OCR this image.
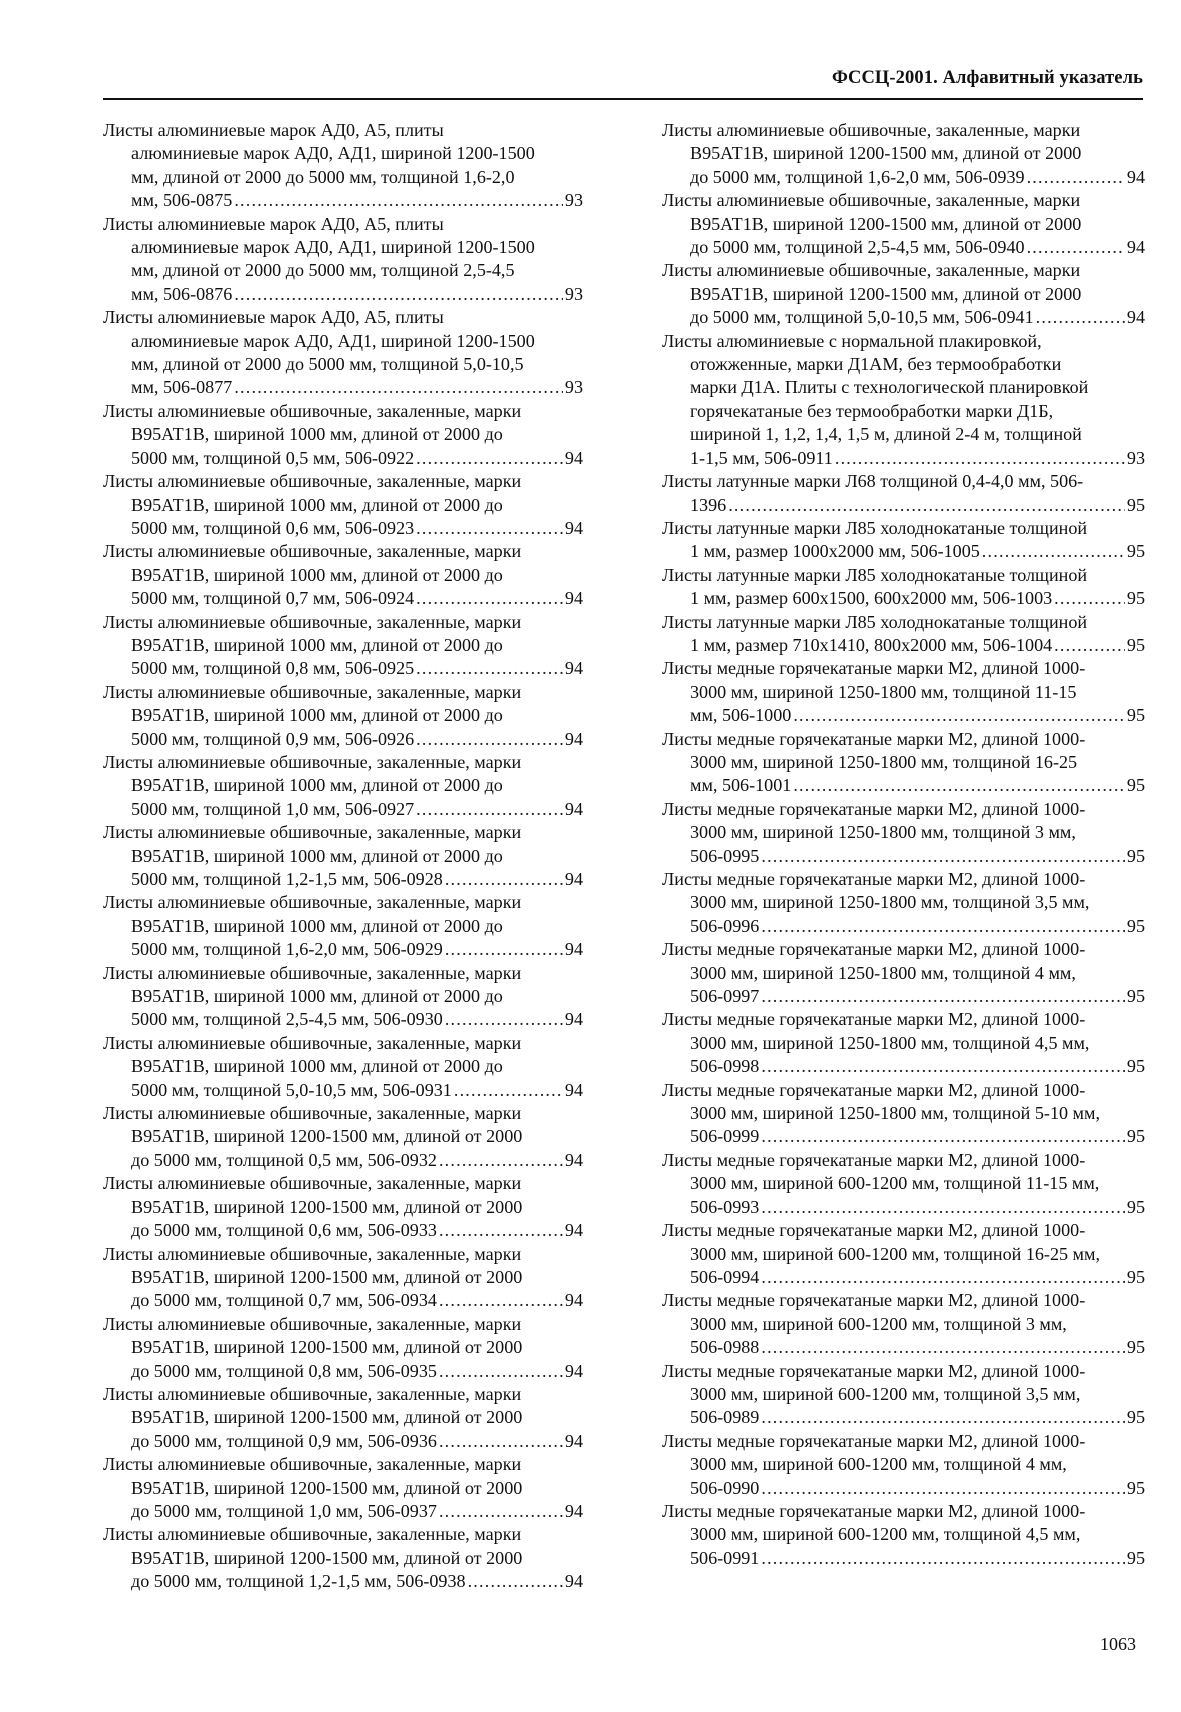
ФССЦ-2001. Алфавитный указатель
Листы алюминиевые марок АД0, А5, плиты
алюминиевые марок АД0, АД1, шириной 1200-1500
мм, длиной от 2000 до 5000 мм, толщиной 1,6-2,0
мм, 506-0875 .....	93
Листы алюминиевые марок АД0, А5, плиты
алюминиевые марок АД0, АД1, шириной 1200-1500
мм, длиной от 2000 до 5000 мм, толщиной 2,5-4,5
мм, 506-0876 .....	93
Листы алюминиевые марок АД0, А5, плиты
алюминиевые марок АД0, АД1, шириной 1200-1500
мм, длиной от 2000 до 5000 мм, толщиной 5,0-10,5
мм, 506-0877 .....	93
Листы алюминиевые обшивочные, закаленные, марки
В95АТ1В, шириной 1000 мм, длиной от 2000 до
5000 мм, толщиной 0,5 мм, 506-0922 .....	94
Листы алюминиевые обшивочные, закаленные, марки
В95АТ1В, шириной 1000 мм, длиной от 2000 до
5000 мм, толщиной 0,6 мм, 506-0923 .....	94
Листы алюминиевые обшивочные, закаленные, марки
В95АТ1В, шириной 1000 мм, длиной от 2000 до
5000 мм, толщиной 0,7 мм, 506-0924 .....	94
Листы алюминиевые обшивочные, закаленные, марки
В95АТ1В, шириной 1000 мм, длиной от 2000 до
5000 мм, толщиной 0,8 мм, 506-0925 .....	94
Листы алюминиевые обшивочные, закаленные, марки
В95АТ1В, шириной 1000 мм, длиной от 2000 до
5000 мм, толщиной 0,9 мм, 506-0926 .....	94
Листы алюминиевые обшивочные, закаленные, марки
В95АТ1В, шириной 1000 мм, длиной от 2000 до
5000 мм, толщиной 1,0 мм, 506-0927 .....	94
Листы алюминиевые обшивочные, закаленные, марки
В95АТ1В, шириной 1000 мм, длиной от 2000 до
5000 мм, толщиной 1,2-1,5 мм, 506-0928 .....	94
Листы алюминиевые обшивочные, закаленные, марки
В95АТ1В, шириной 1000 мм, длиной от 2000 до
5000 мм, толщиной 1,6-2,0 мм, 506-0929 .....	94
Листы алюминиевые обшивочные, закаленные, марки
В95АТ1В, шириной 1000 мм, длиной от 2000 до
5000 мм, толщиной 2,5-4,5 мм, 506-0930 .....	94
Листы алюминиевые обшивочные, закаленные, марки
В95АТ1В, шириной 1000 мм, длиной от 2000 до
5000 мм, толщиной 5,0-10,5 мм, 506-0931 .....	94
Листы алюминиевые обшивочные, закаленные, марки
В95АТ1В, шириной 1200-1500 мм, длиной от 2000
до 5000 мм, толщиной 0,5 мм, 506-0932 .....	94
Листы алюминиевые обшивочные, закаленные, марки
В95АТ1В, шириной 1200-1500 мм, длиной от 2000
до 5000 мм, толщиной 0,6 мм, 506-0933 .....	94
Листы алюминиевые обшивочные, закаленные, марки
В95АТ1В, шириной 1200-1500 мм, длиной от 2000
до 5000 мм, толщиной 0,7 мм, 506-0934 .....	94
Листы алюминиевые обшивочные, закаленные, марки
В95АТ1В, шириной 1200-1500 мм, длиной от 2000
до 5000 мм, толщиной 0,8 мм, 506-0935 .....	94
Листы алюминиевые обшивочные, закаленные, марки
В95АТ1В, шириной 1200-1500 мм, длиной от 2000
до 5000 мм, толщиной 0,9 мм, 506-0936 .....	94
Листы алюминиевые обшивочные, закаленные, марки
В95АТ1В, шириной 1200-1500 мм, длиной от 2000
до 5000 мм, толщиной 1,0 мм, 506-0937 .....	94
Листы алюминиевые обшивочные, закаленные, марки
В95АТ1В, шириной 1200-1500 мм, длиной от 2000
до 5000 мм, толщиной 1,2-1,5 мм, 506-0938 .....	94
Листы алюминиевые обшивочные, закаленные, марки
В95АТ1В, шириной 1200-1500 мм, длиной от 2000
до 5000 мм, толщиной 1,6-2,0 мм, 506-0939 .....	94
Листы алюминиевые обшивочные, закаленные, марки
В95АТ1В, шириной 1200-1500 мм, длиной от 2000
до 5000 мм, толщиной 2,5-4,5 мм, 506-0940 .....	94
Листы алюминиевые обшивочные, закаленные, марки
В95АТ1В, шириной 1200-1500 мм, длиной от 2000
до 5000 мм, толщиной 5,0-10,5 мм, 506-0941 .....	94
Листы алюминиевые с нормальной плакировкой,
отожженные, марки Д1АМ, без термообработки
марки Д1А. Плиты с технологической планировкой
горячекатаные без термообработки марки Д1Б,
шириной 1, 1,2, 1,4, 1,5 м, длиной 2-4 м, толщиной
1-1,5 мм, 506-0911 .....	93
Листы латунные марки Л68 толщиной 0,4-4,0 мм, 506-
1396 .....	95
Листы латунные марки Л85 холоднокатаные толщиной
1 мм, размер 1000х2000 мм, 506-1005 .....	95
Листы латунные марки Л85 холоднокатаные толщиной
1 мм, размер 600х1500, 600х2000 мм, 506-1003 .....	95
Листы латунные марки Л85 холоднокатаные толщиной
1 мм, размер 710х1410, 800х2000 мм, 506-1004 .....	95
Листы медные горячекатаные марки М2, длиной 1000-
3000 мм, шириной 1250-1800 мм, толщиной 11-15
мм, 506-1000 .....	95
Листы медные горячекатаные марки М2, длиной 1000-
3000 мм, шириной 1250-1800 мм, толщиной 16-25
мм, 506-1001 .....	95
Листы медные горячекатаные марки М2, длиной 1000-
3000 мм, шириной 1250-1800 мм, толщиной 3 мм,
506-0995 .....	95
Листы медные горячекатаные марки М2, длиной 1000-
3000 мм, шириной 1250-1800 мм, толщиной 3,5 мм,
506-0996 .....	95
Листы медные горячекатаные марки М2, длиной 1000-
3000 мм, шириной 1250-1800 мм, толщиной 4 мм,
506-0997 .....	95
Листы медные горячекатаные марки М2, длиной 1000-
3000 мм, шириной 1250-1800 мм, толщиной 4,5 мм,
506-0998 .....	95
Листы медные горячекатаные марки М2, длиной 1000-
3000 мм, шириной 1250-1800 мм, толщиной 5-10 мм,
506-0999 .....	95
Листы медные горячекатаные марки М2, длиной 1000-
3000 мм, шириной 600-1200 мм, толщиной 11-15 мм,
506-0993 .....	95
Листы медные горячекатаные марки М2, длиной 1000-
3000 мм, шириной 600-1200 мм, толщиной 16-25 мм,
506-0994 .....	95
Листы медные горячекатаные марки М2, длиной 1000-
3000 мм, шириной 600-1200 мм, толщиной 3 мм,
506-0988 .....	95
Листы медные горячекатаные марки М2, длиной 1000-
3000 мм, шириной 600-1200 мм, толщиной 3,5 мм,
506-0989 .....	95
Листы медные горячекатаные марки М2, длиной 1000-
3000 мм, шириной 600-1200 мм, толщиной 4 мм,
506-0990 .....	95
Листы медные горячекатаные марки М2, длиной 1000-
3000 мм, шириной 600-1200 мм, толщиной 4,5 мм,
506-0991 .....	95
1063
